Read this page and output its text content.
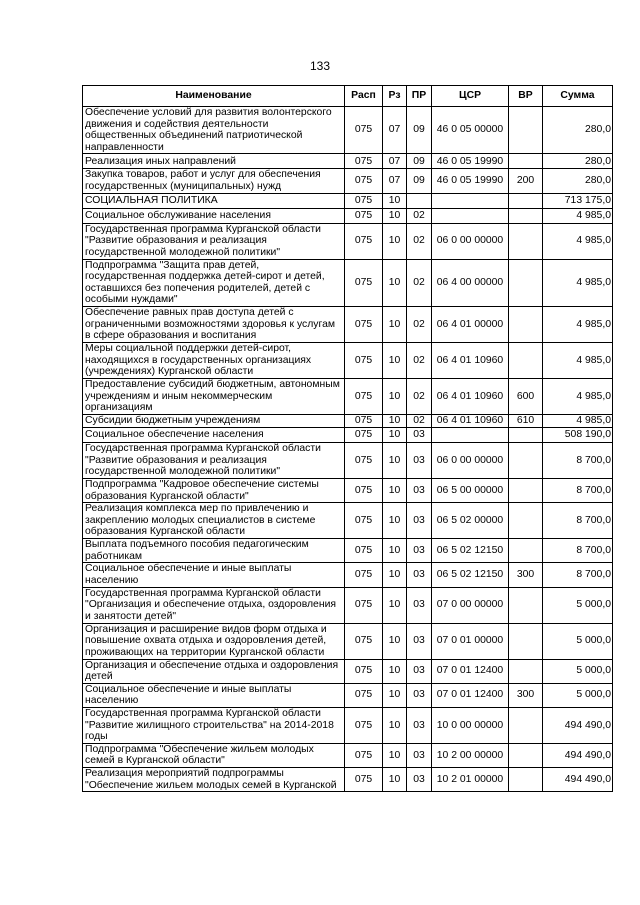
133
Наименование	Расп	Рз	ПР	ЦСР	ВР	Сумма
Обеспечение условий для развития волонтерского движения и содействия деятельности общественных объединений патриотической направленности	075	07	09	46 0 05 00000		280,0
Реализация иных направлений	075	07	09	46 0 05 19990		280,0
Закупка товаров, работ и услуг для обеспечения государственных (муниципальных) нужд	075	07	09	46 0 05 19990	200	280,0
СОЦИАЛЬНАЯ ПОЛИТИКА	075	10				713 175,0
Социальное обслуживание населения	075	10	02			4 985,0
Государственная программа Курганской области "Развитие образования и реализация государственной молодежной политики"	075	10	02	06 0 00 00000		4 985,0
Подпрограмма "Защита прав детей, государственная поддержка детей-сирот и детей, оставшихся без попечения родителей, детей с особыми нуждами"	075	10	02	06 4 00 00000		4 985,0
Обеспечение равных прав доступа детей с ограниченными возможностями здоровья к услугам в сфере образования и воспитания	075	10	02	06 4 01 00000		4 985,0
Меры социальной поддержки детей-сирот, находящихся в государственных организациях (учреждениях) Курганской области	075	10	02	06 4 01 10960		4 985,0
Предоставление субсидий бюджетным, автономным учреждениям и иным некоммерческим организациям	075	10	02	06 4 01 10960	600	4 985,0
Субсидии бюджетным учреждениям	075	10	02	06 4 01 10960	610	4 985,0
Социальное обеспечение населения	075	10	03			508 190,0
Государственная программа Курганской области "Развитие образования и реализация государственной молодежной политики"	075	10	03	06 0 00 00000		8 700,0
Подпрограмма "Кадровое обеспечение системы образования Курганской области"	075	10	03	06 5 00 00000		8 700,0
Реализация комплекса мер по привлечению и закреплению молодых специалистов в системе образования Курганской области	075	10	03	06 5 02 00000		8 700,0
Выплата подъемного пособия педагогическим работникам	075	10	03	06 5 02 12150		8 700,0
Социальное обеспечение и иные выплаты населению	075	10	03	06 5 02 12150	300	8 700,0
Государственная программа Курганской области "Организация и обеспечение отдыха, оздоровления и занятости детей"	075	10	03	07 0 00 00000		5 000,0
Организация и расширение видов форм отдыха и повышение охвата отдыха и оздоровления детей, проживающих на территории Курганской области	075	10	03	07 0 01 00000		5 000,0
Организация и обеспечение отдыха и оздоровления детей	075	10	03	07 0 01 12400		5 000,0
Социальное обеспечение и иные выплаты населению	075	10	03	07 0 01 12400	300	5 000,0
Государственная программа Курганской области "Развитие жилищного строительства" на 2014-2018 годы	075	10	03	10 0 00 00000		494 490,0
Подпрограмма "Обеспечение жильем молодых семей в Курганской области"	075	10	03	10 2 00 00000		494 490,0
Реализация мероприятий подпрограммы "Обеспечение жильем молодых семей в Курганской	075	10	03	10 2 01 00000		494 490,0
